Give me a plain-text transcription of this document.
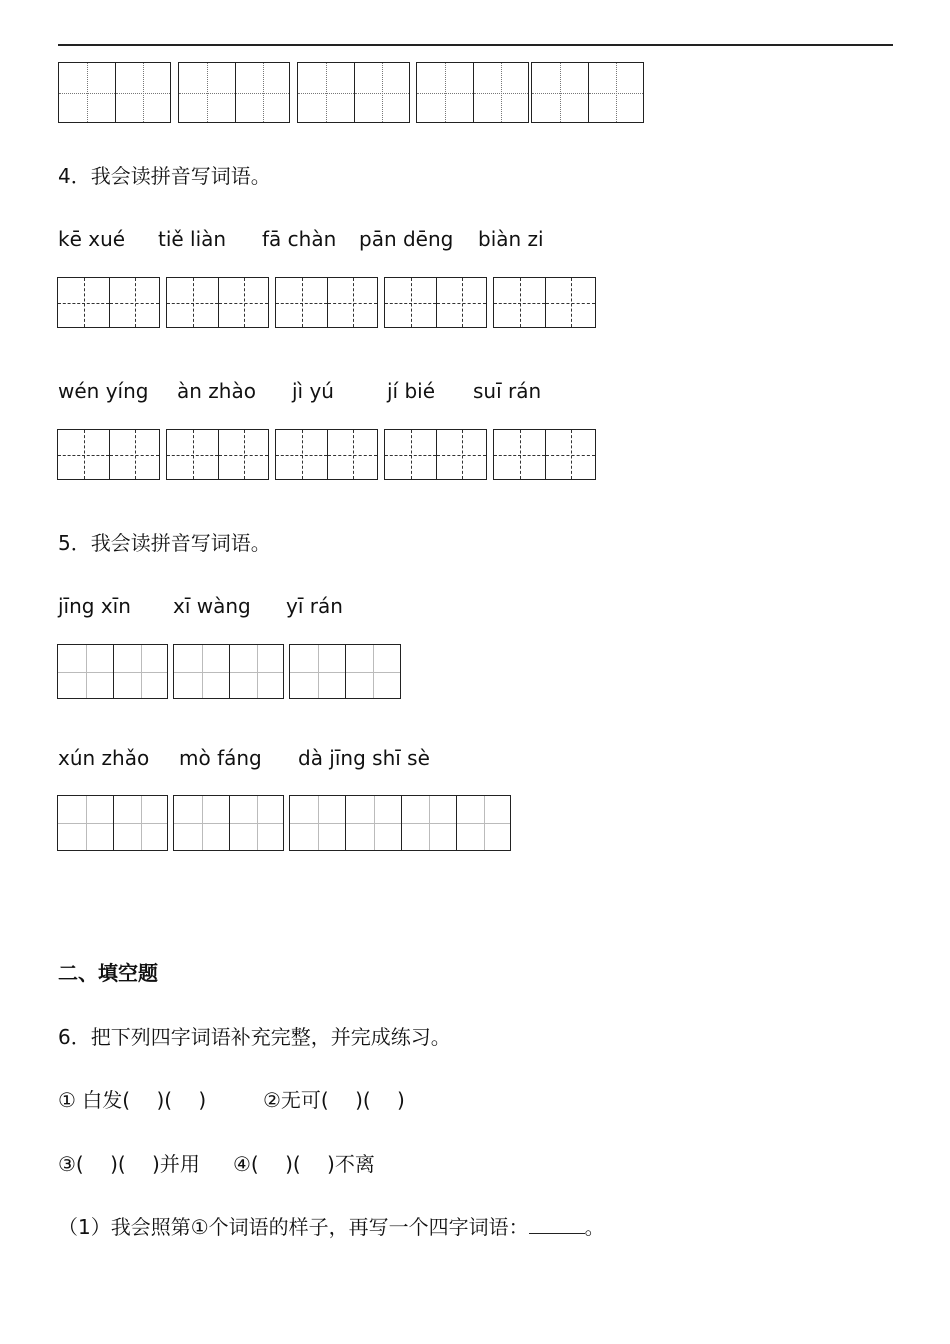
4．我会读拼音写词语。
kē xué tiě liàn fā chàn pān dēng biàn zi
wén yíng àn zhào jì yú	jí bié suī rán
5．我会读拼音写词语。
jīng xīn xī wàng yī rán
xún zhǎo mò fáng dà jīng shī sè
二、填空题
6．把下列四字词语补充完整，并完成练习。
① 白发(　 )(　 )	②无可(　 )(　 )
③(　 )(　 )并用 ④(　 )(　 )不离
（1）我会照第①个词语的样子，再写一个四字词语：	。
